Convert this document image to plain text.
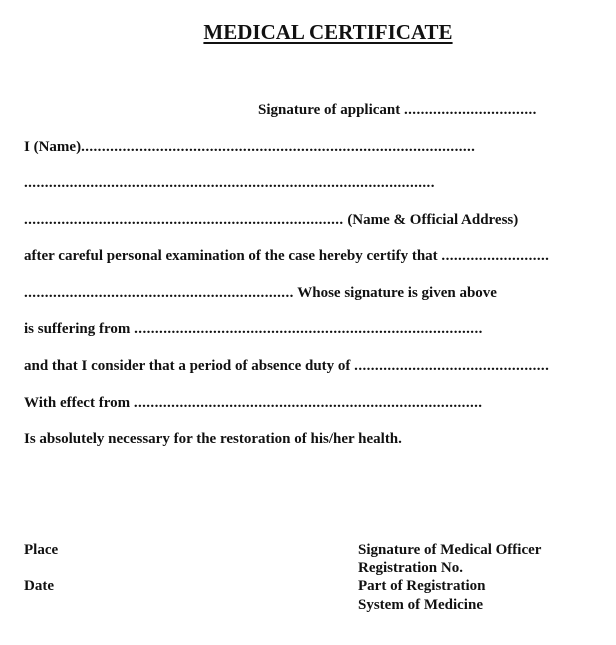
MEDICAL CERTIFICATE
Signature of applicant ................................
I (Name)...............................................................................................
...................................................................................................
............................................................................. (Name & Official Address)
after careful personal examination of the case hereby certify that ..........................
................................................................. Whose signature is given above
is suffering from ....................................................................................
and that I consider that a period of absence duty of ...............................................
With effect from ....................................................................................
Is absolutely necessary for the restoration of his/her health.
Place
Date
Signature of Medical Officer
Registration No.
Part of Registration
System of Medicine
